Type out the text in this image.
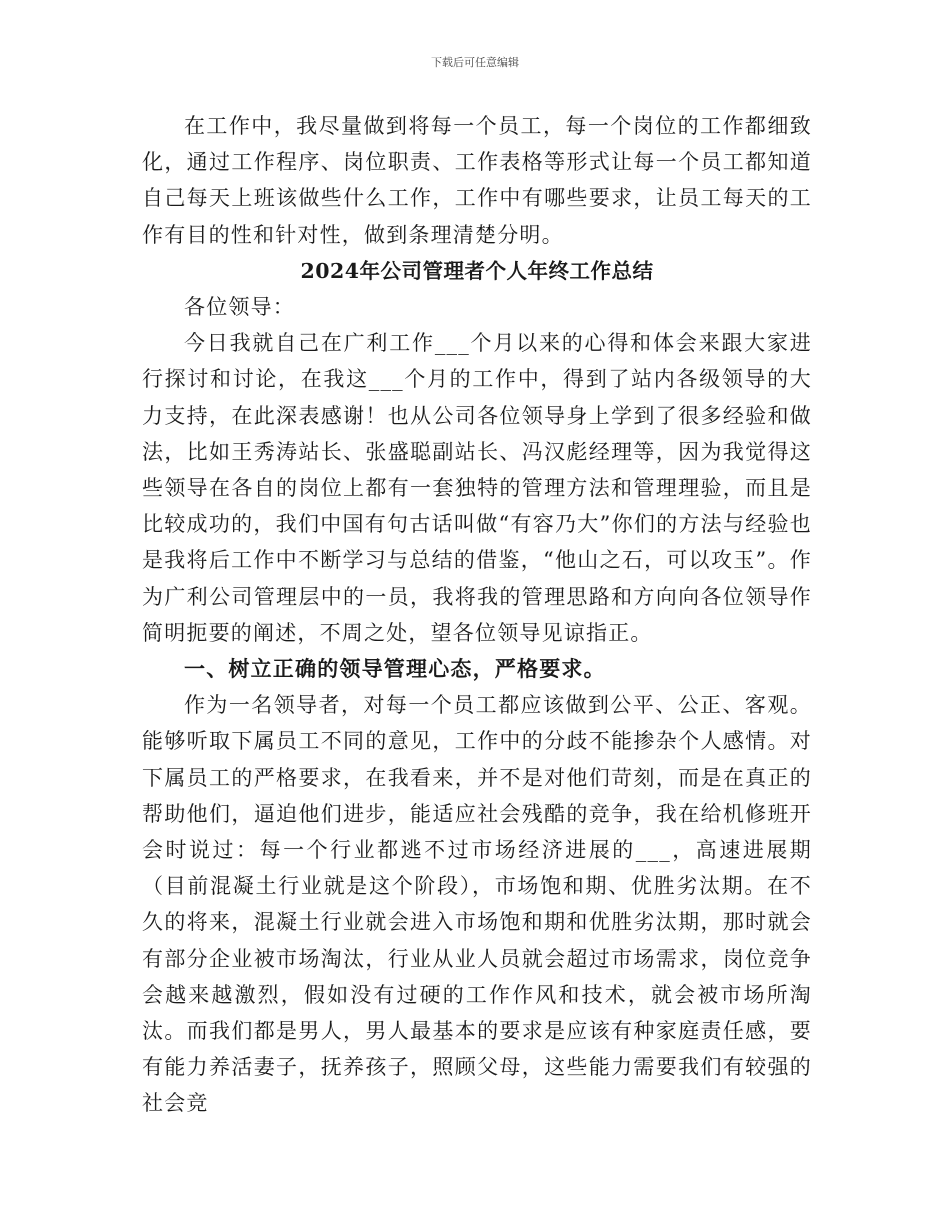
下载后可任意编辑

在工作中，我尽量做到将每一个员工，每一个岗位的工作都细致化，通过工作程序、岗位职责、工作表格等形式让每一个员工都知道自己每天上班该做些什么工作，工作中有哪些要求，让员工每天的工作有目的性和针对性，做到条理清楚分明。

2024年公司管理者个人年终工作总结

各位领导：

今日我就自己在广利工作___个月以来的心得和体会来跟大家进行探讨和讨论，在我这___个月的工作中，得到了站内各级领导的大力支持，在此深表感谢！也从公司各位领导身上学到了很多经验和做法，比如王秀涛站长、张盛聪副站长、冯汉彪经理等，因为我觉得这些领导在各自的岗位上都有一套独特的管理方法和管理理验，而且是比较成功的，我们中国有句古话叫做“有容乃大”你们的方法与经验也是我将后工作中不断学习与总结的借鉴，“他山之石，可以攻玉”。作为广利公司管理层中的一员，我将我的管理思路和方向向各位领导作简明扼要的阐述，不周之处，望各位领导见谅指正。

一、树立正确的领导管理心态，严格要求。

作为一名领导者，对每一个员工都应该做到公平、公正、客观。能够听取下属员工不同的意见，工作中的分歧不能掺杂个人感情。对下属员工的严格要求，在我看来，并不是对他们苛刻，而是在真正的帮助他们，逼迫他们进步，能适应社会残酷的竞争，我在给机修班开会时说过：每一个行业都逃不过市场经济进展的___，高速进展期（目前混凝土行业就是这个阶段），市场饱和期、优胜劣汰期。在不久的将来，混凝土行业就会进入市场饱和期和优胜劣汰期，那时就会有部分企业被市场淘汰，行业从业人员就会超过市场需求，岗位竞争会越来越激烈，假如没有过硬的工作作风和技术，就会被市场所淘汰。而我们都是男人，男人最基本的要求是应该有种家庭责任感，要有能力养活妻子，抚养孩子，照顾父母，这些能力需要我们有较强的社会竞
